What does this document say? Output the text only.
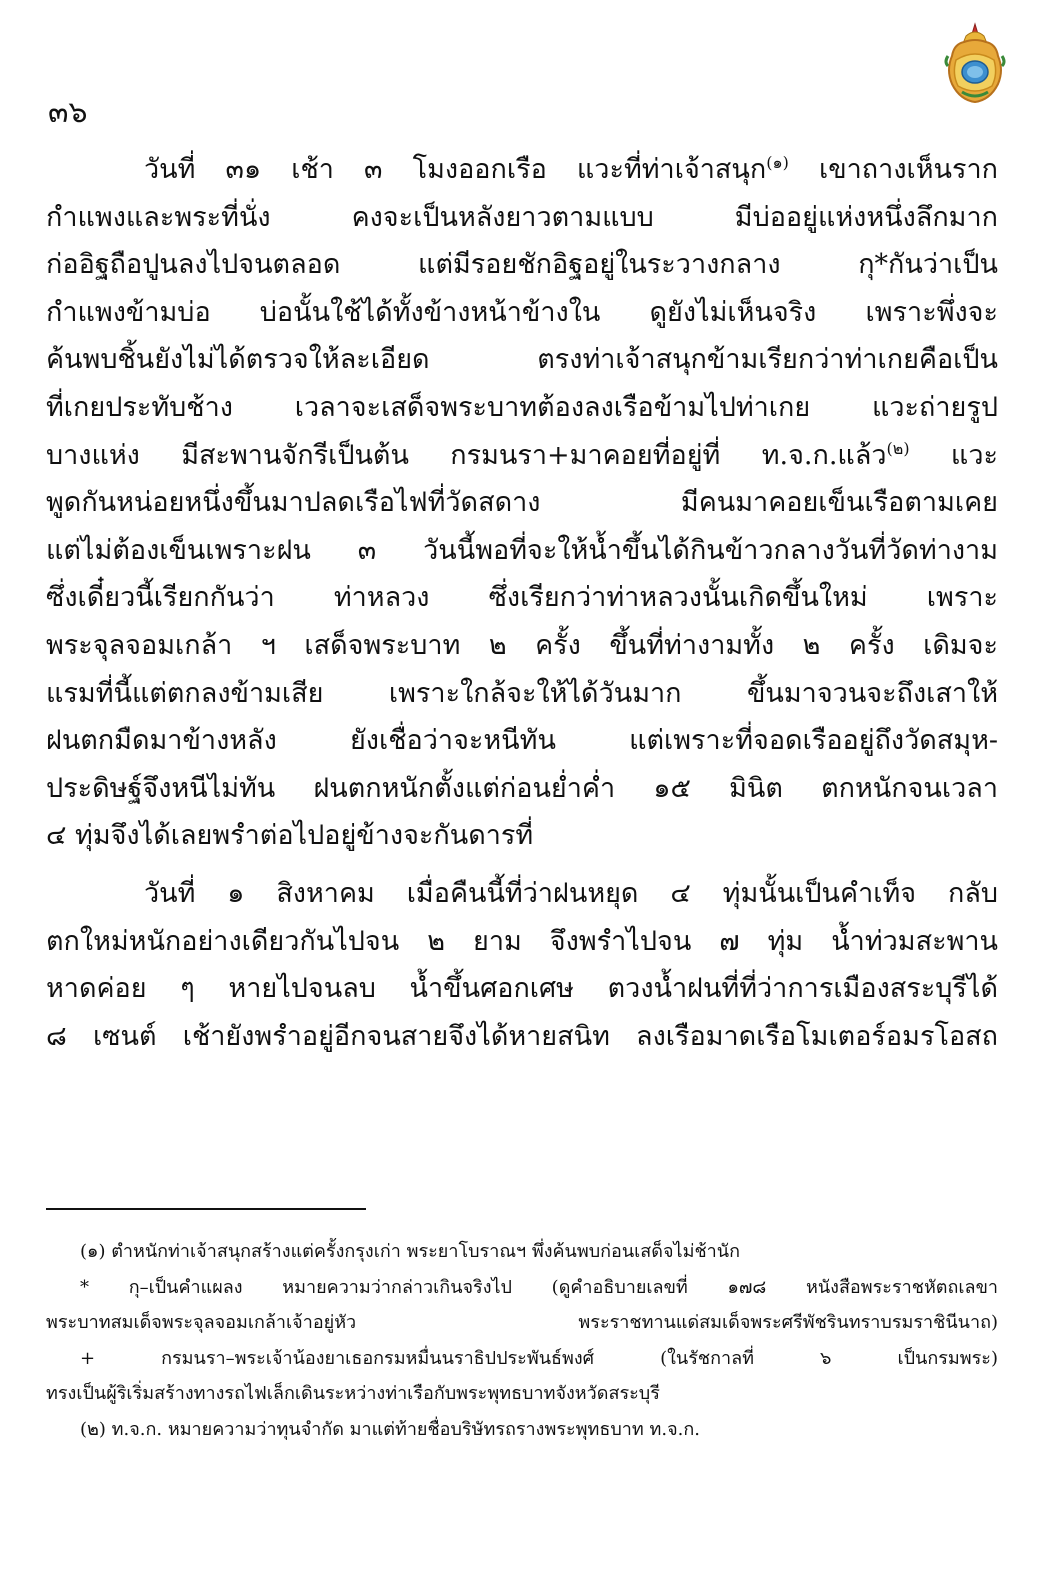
๓๖
วันที่ ๓๑ เช้า ๓ โมงออกเรือ แวะที่ท่าเจ้าสนุก$^{(๑)}$ เขาถางเห็นราก
กำแพงและพระที่นั่ง คงจะเป็นหลังยาวตามแบบ มีบ่ออยู่แห่งหนึ่งลึกมาก
ก่ออิฐถือปูนลงไปจนตลอด แต่มีรอยชักอิฐอยู่ในระวางกลาง กุ*กันว่าเป็น
กำแพงข้ามบ่อ บ่อนั้นใช้ได้ทั้งข้างหน้าข้างใน ดูยังไม่เห็นจริง เพราะพึ่งจะ
ค้นพบชิ้นยังไม่ได้ตรวจให้ละเอียด ตรงท่าเจ้าสนุกข้ามเรียกว่าท่าเกยคือเป็น
ที่เกยประทับช้าง เวลาจะเสด็จพระบาทต้องลงเรือข้ามไปท่าเกย แวะถ่ายรูป
บางแห่ง มีสะพานจักรีเป็นต้น กรมนรา+มาคอยที่อยู่ที่ ท.จ.ก.แล้ว$^{(๒)}$ แวะ
พูดกันหน่อยหนึ่งขึ้นมาปลดเรือไฟที่วัดสดาง มีคนมาคอยเข็นเรือตามเคย
แต่ไม่ต้องเข็นเพราะฝน ๓ วันนี้พอที่จะให้น้ำขึ้นได้กินข้าวกลางวันที่วัดท่างาม
ซึ่งเดี๋ยวนี้เรียกกันว่า ท่าหลวง ซึ่งเรียกว่าท่าหลวงนั้นเกิดขึ้นใหม่ เพราะ
พระจุลจอมเกล้า ฯ เสด็จพระบาท ๒ ครั้ง ขึ้นที่ท่างามทั้ง ๒ ครั้ง เดิมจะ
แรมที่นี้แต่ตกลงข้ามเสีย เพราะใกล้จะให้ได้วันมาก ขึ้นมาจวนจะถึงเสาให้
ฝนตกมืดมาข้างหลัง ยังเชื่อว่าจะหนีทัน แต่เพราะที่จอดเรืออยู่ถึงวัดสมุห-
ประดิษฐ์จึงหนีไม่ทัน ฝนตกหนักตั้งแต่ก่อนย่ำค่ำ ๑๕ มินิต ตกหนักจนเวลา
๔ ทุ่มจึงได้เลยพรำต่อไปอยู่ข้างจะกันดารที่
วันที่ ๑ สิงหาคม เมื่อคืนนี้ที่ว่าฝนหยุด ๔ ทุ่มนั้นเป็นคำเท็จ กลับ
ตกใหม่หนักอย่างเดียวกันไปจน ๒ ยาม จึงพรำไปจน ๗ ทุ่ม น้ำท่วมสะพาน
หาดค่อย ๆ หายไปจนลบ น้ำขึ้นศอกเศษ ตวงน้ำฝนที่ที่ว่าการเมืองสระบุรีได้
๘ เซนต์ เช้ายังพรำอยู่อีกจนสายจึงได้หายสนิท ลงเรือมาดเรือโมเตอร์อมรโอสถ
(๑) ตำหนักท่าเจ้าสนุกสร้างแต่ครั้งกรุงเก่า พระยาโบราณฯ พึ่งค้นพบก่อนเสด็จไม่ช้านัก
* กุ–เป็นคำแผลง หมายความว่ากล่าวเกินจริงไป (ดูคำอธิบายเลขที่ ๑๗๘ หนังสือพระราชหัตถเลขา
พระบาทสมเด็จพระจุลจอมเกล้าเจ้าอยู่หัว พระราชทานแด่สมเด็จพระศรีพัชรินทราบรมราชินีนาถ)
+ กรมนรา–พระเจ้าน้องยาเธอกรมหมื่นนราธิปประพันธ์พงศ์ (ในรัชกาลที่ ๖ เป็นกรมพระ)
ทรงเป็นผู้ริเริ่มสร้างทางรถไฟเล็กเดินระหว่างท่าเรือกับพระพุทธบาทจังหวัดสระบุรี
(๒) ท.จ.ก. หมายความว่าทุนจำกัด มาแต่ท้ายชื่อบริษัทรถรางพระพุทธบาท ท.จ.ก.
